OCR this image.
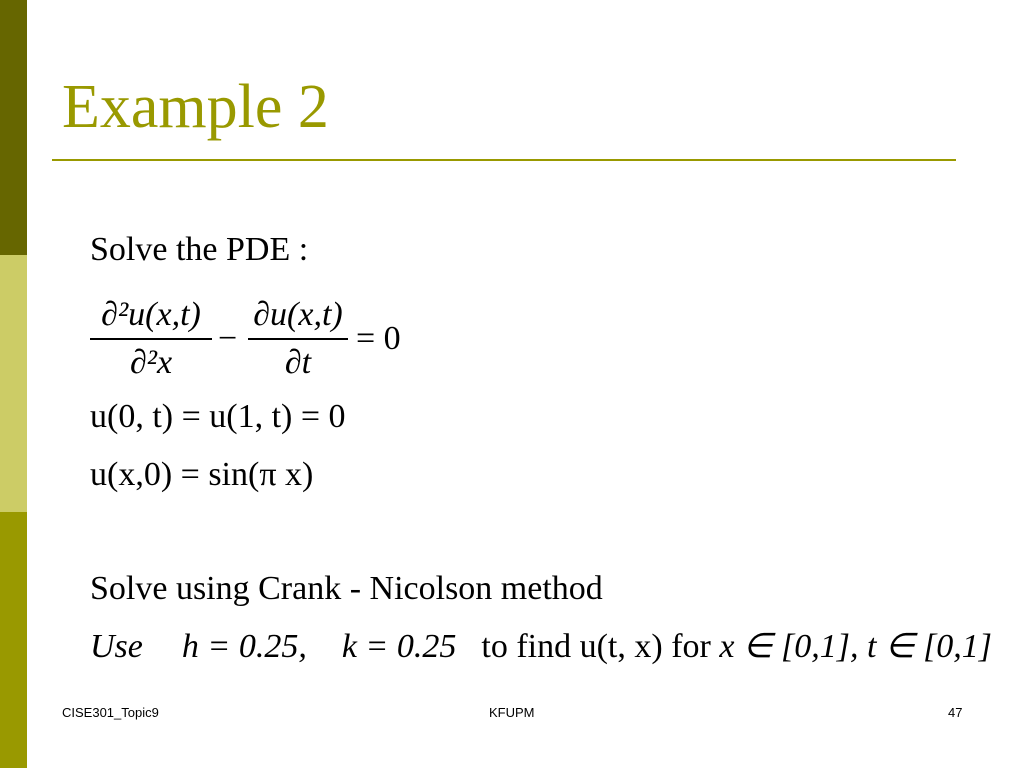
Example 2
Solve the PDE :
∂²u(x,t)
∂²x
−
∂u(x,t)
∂t
= 0
u(0, t) = u(1, t) = 0
u(x,0) = sin(π x)
Solve using Crank - Nicolson method
Use h = 0.25, k = 0.25 to find u(t, x) for x ∈ [0,1], t ∈ [0,1]
CISE301_Topic9	KFUPM	47
